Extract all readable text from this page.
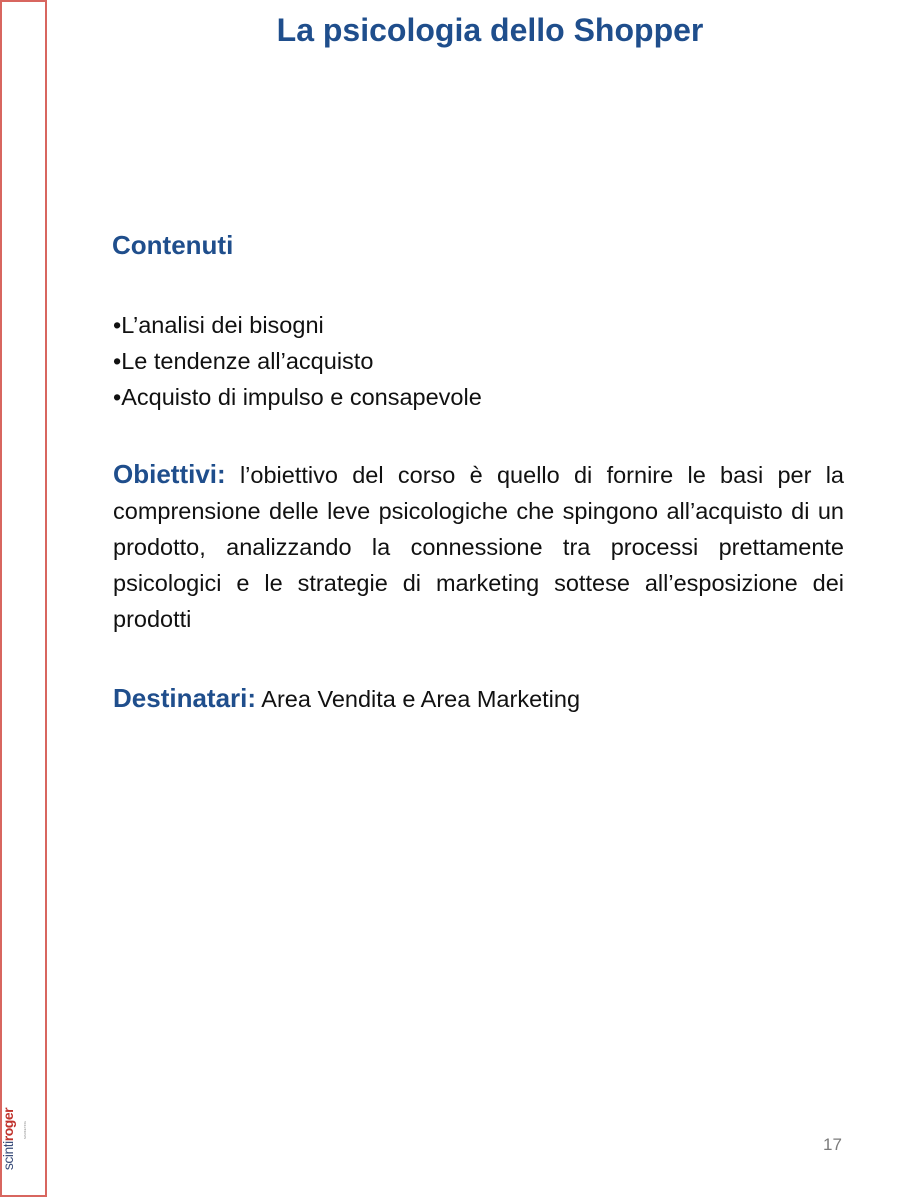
scintiroger MARKETING
La psicologia dello Shopper
Contenuti
• L’analisi dei bisogni
• Le tendenze all’acquisto
• Acquisto di impulso e consapevole

Obiettivi: l’obiettivo del corso è quello di fornire le basi per la comprensione delle leve psicologiche che spingono all’acquisto di un prodotto, analizzando la connessione tra processi prettamente psicologici e le strategie di marketing sottese all’esposizione dei prodotti

Destinatari: Area Vendita e Area Marketing

17
